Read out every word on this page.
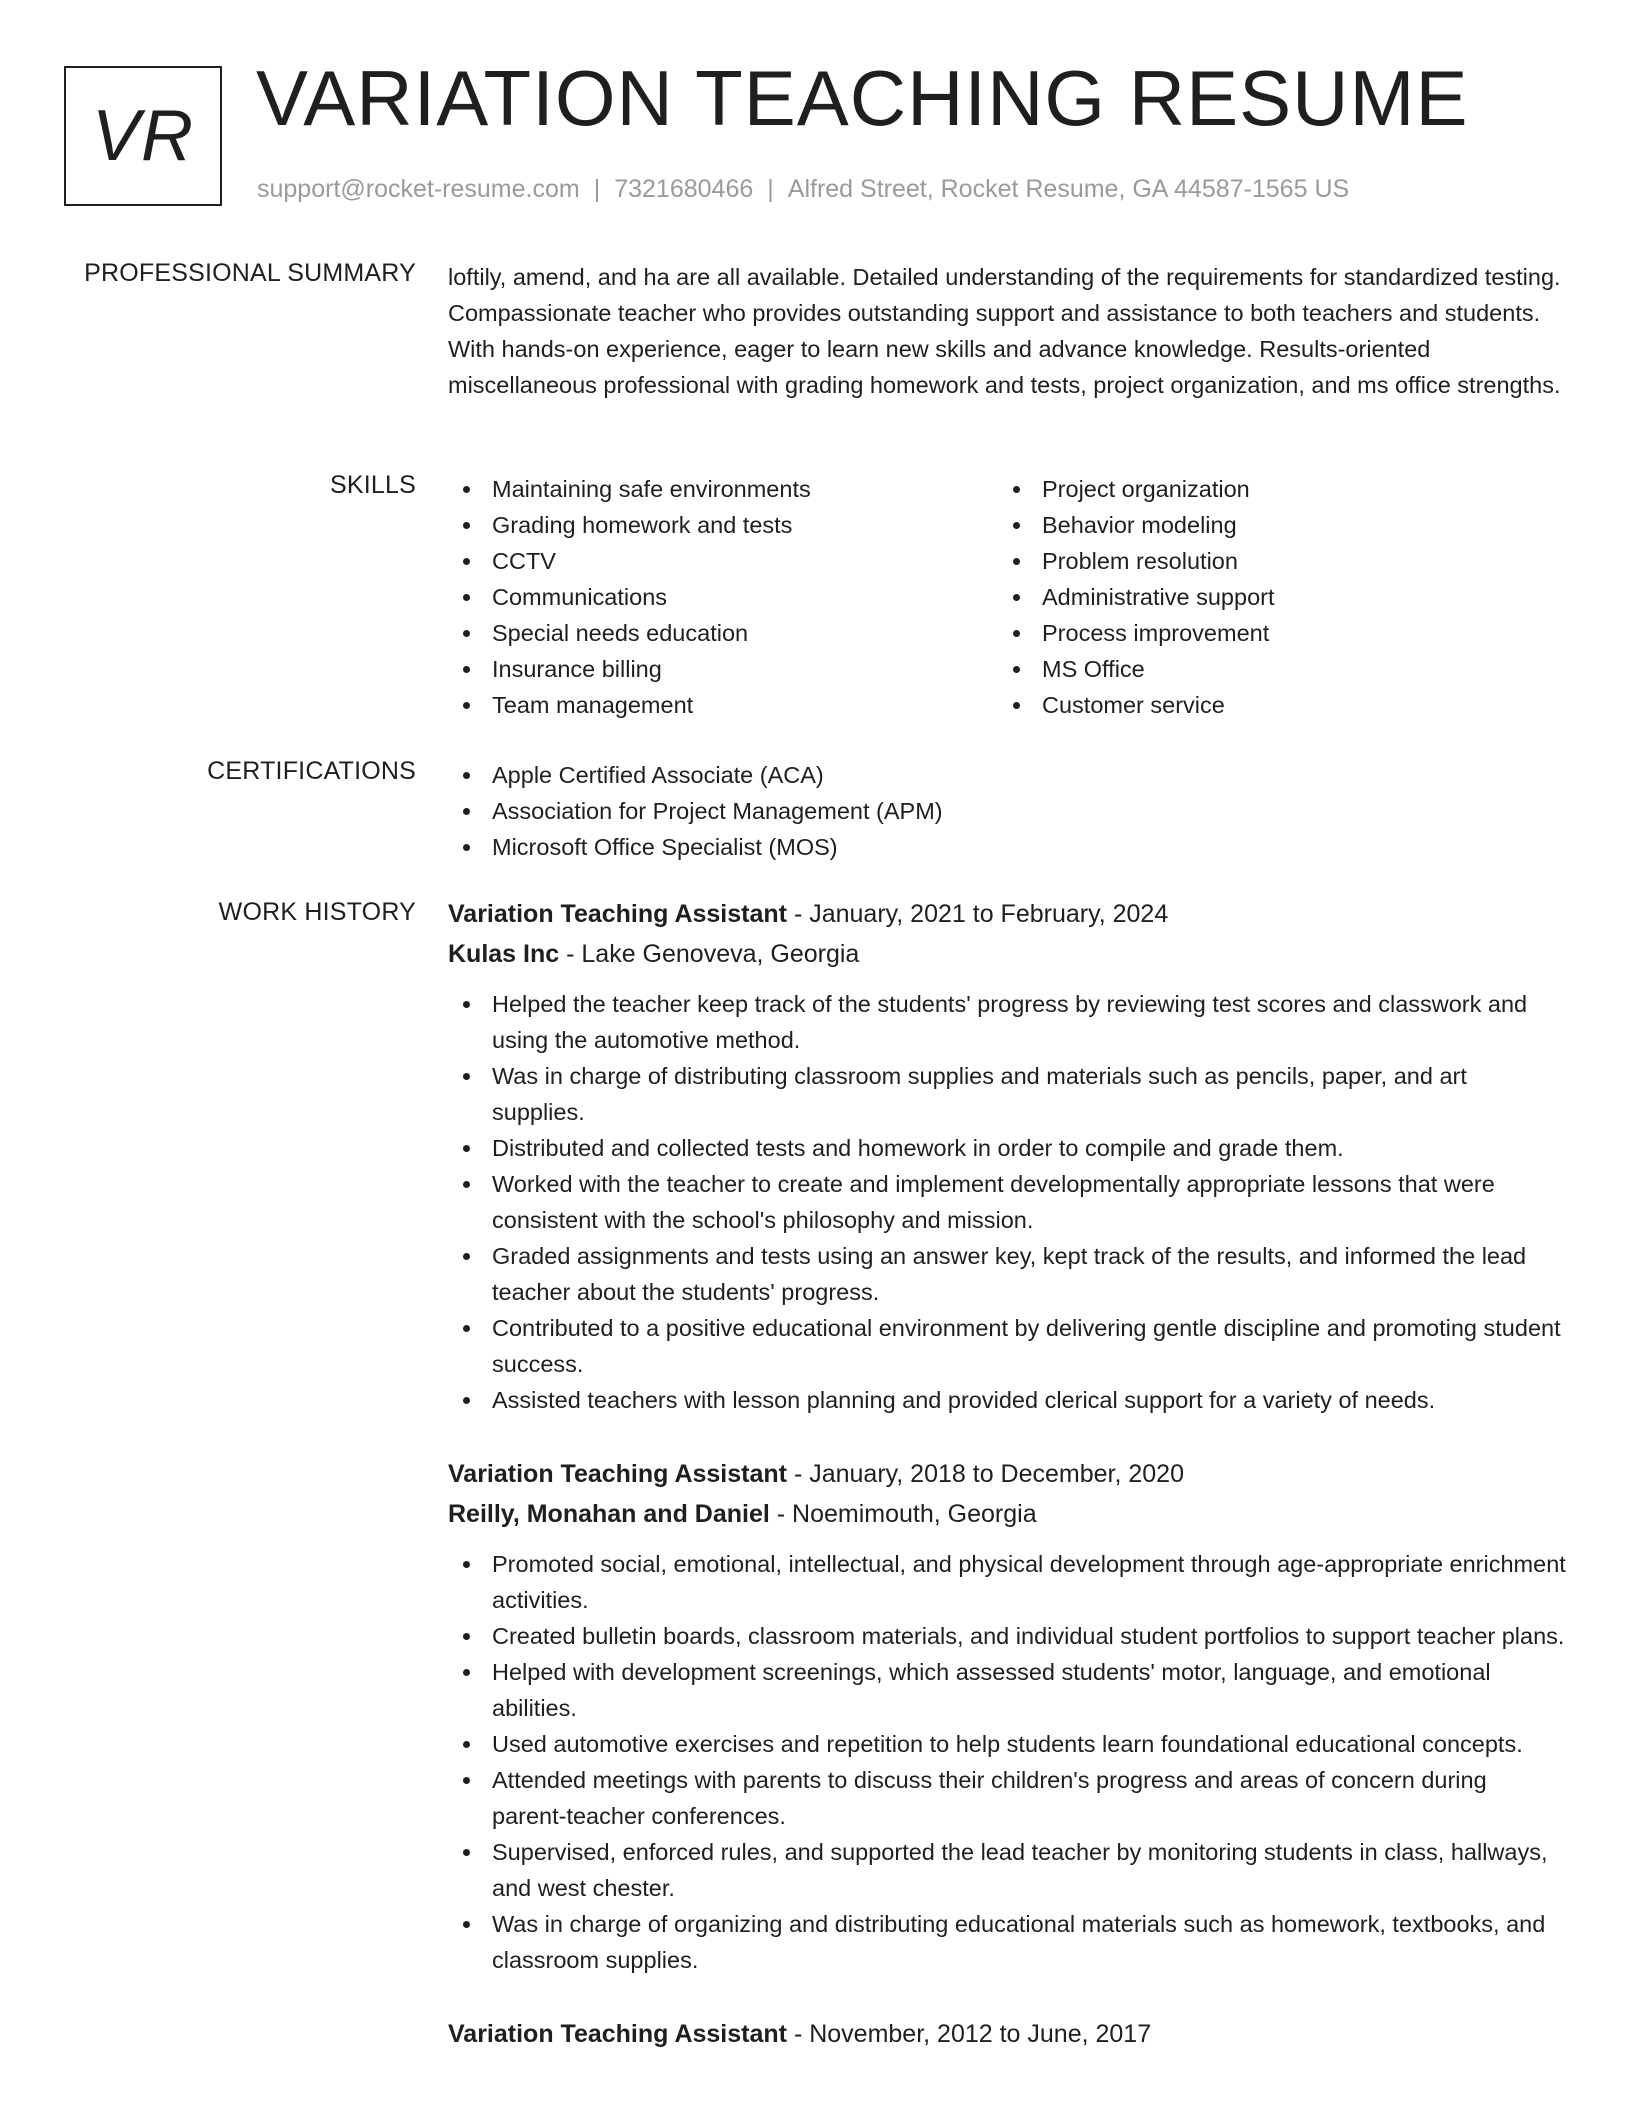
VR VARIATION TEACHING RESUME
support@rocket-resume.com | 7321680466 | Alfred Street, Rocket Resume, GA 44587-1565 US
PROFESSIONAL SUMMARY loftily, amend, and ha are all available. Detailed understanding of the requirements for standardized testing. Compassionate teacher who provides outstanding support and assistance to both teachers and students. With hands-on experience, eager to learn new skills and advance knowledge. Results-oriented miscellaneous professional with grading homework and tests, project organization, and ms office strengths.

SKILLS	Maintaining safe environments
Grading homework and tests
CCTV
Communications
Special needs education
Insurance billing
Team management
Project organization
Behavior modeling
Problem resolution
Administrative support
Process improvement
MS Office
Customer service
CERTIFICATIONS	Apple Certified Associate (ACA)
Association for Project Management (APM)
Microsoft Office Specialist (MOS)
WORK HISTORY Variation Teaching Assistant - January, 2021 to February, 2024
Kulas Inc - Lake Genoveva, Georgia
Helped the teacher keep track of the students' progress by reviewing test scores and classwork and using the automotive method.
Was in charge of distributing classroom supplies and materials such as pencils, paper, and art supplies.
Distributed and collected tests and homework in order to compile and grade them.
Worked with the teacher to create and implement developmentally appropriate lessons that were consistent with the school's philosophy and mission.
Graded assignments and tests using an answer key, kept track of the results, and informed the lead teacher about the students' progress.
Contributed to a positive educational environment by delivering gentle discipline and promoting student success.
Assisted teachers with lesson planning and provided clerical support for a variety of needs.
Variation Teaching Assistant - January, 2018 to December, 2020
Reilly, Monahan and Daniel - Noemimouth, Georgia
Promoted social, emotional, intellectual, and physical development through age-appropriate enrichment activities.
Created bulletin boards, classroom materials, and individual student portfolios to support teacher plans.
Helped with development screenings, which assessed students' motor, language, and emotional abilities.
Used automotive exercises and repetition to help students learn foundational educational concepts.
Attended meetings with parents to discuss their children's progress and areas of concern during parent-teacher conferences.
Supervised, enforced rules, and supported the lead teacher by monitoring students in class, hallways, and west chester.
Was in charge of organizing and distributing educational materials such as homework, textbooks, and classroom supplies.
Variation Teaching Assistant - November, 2012 to June, 2017
